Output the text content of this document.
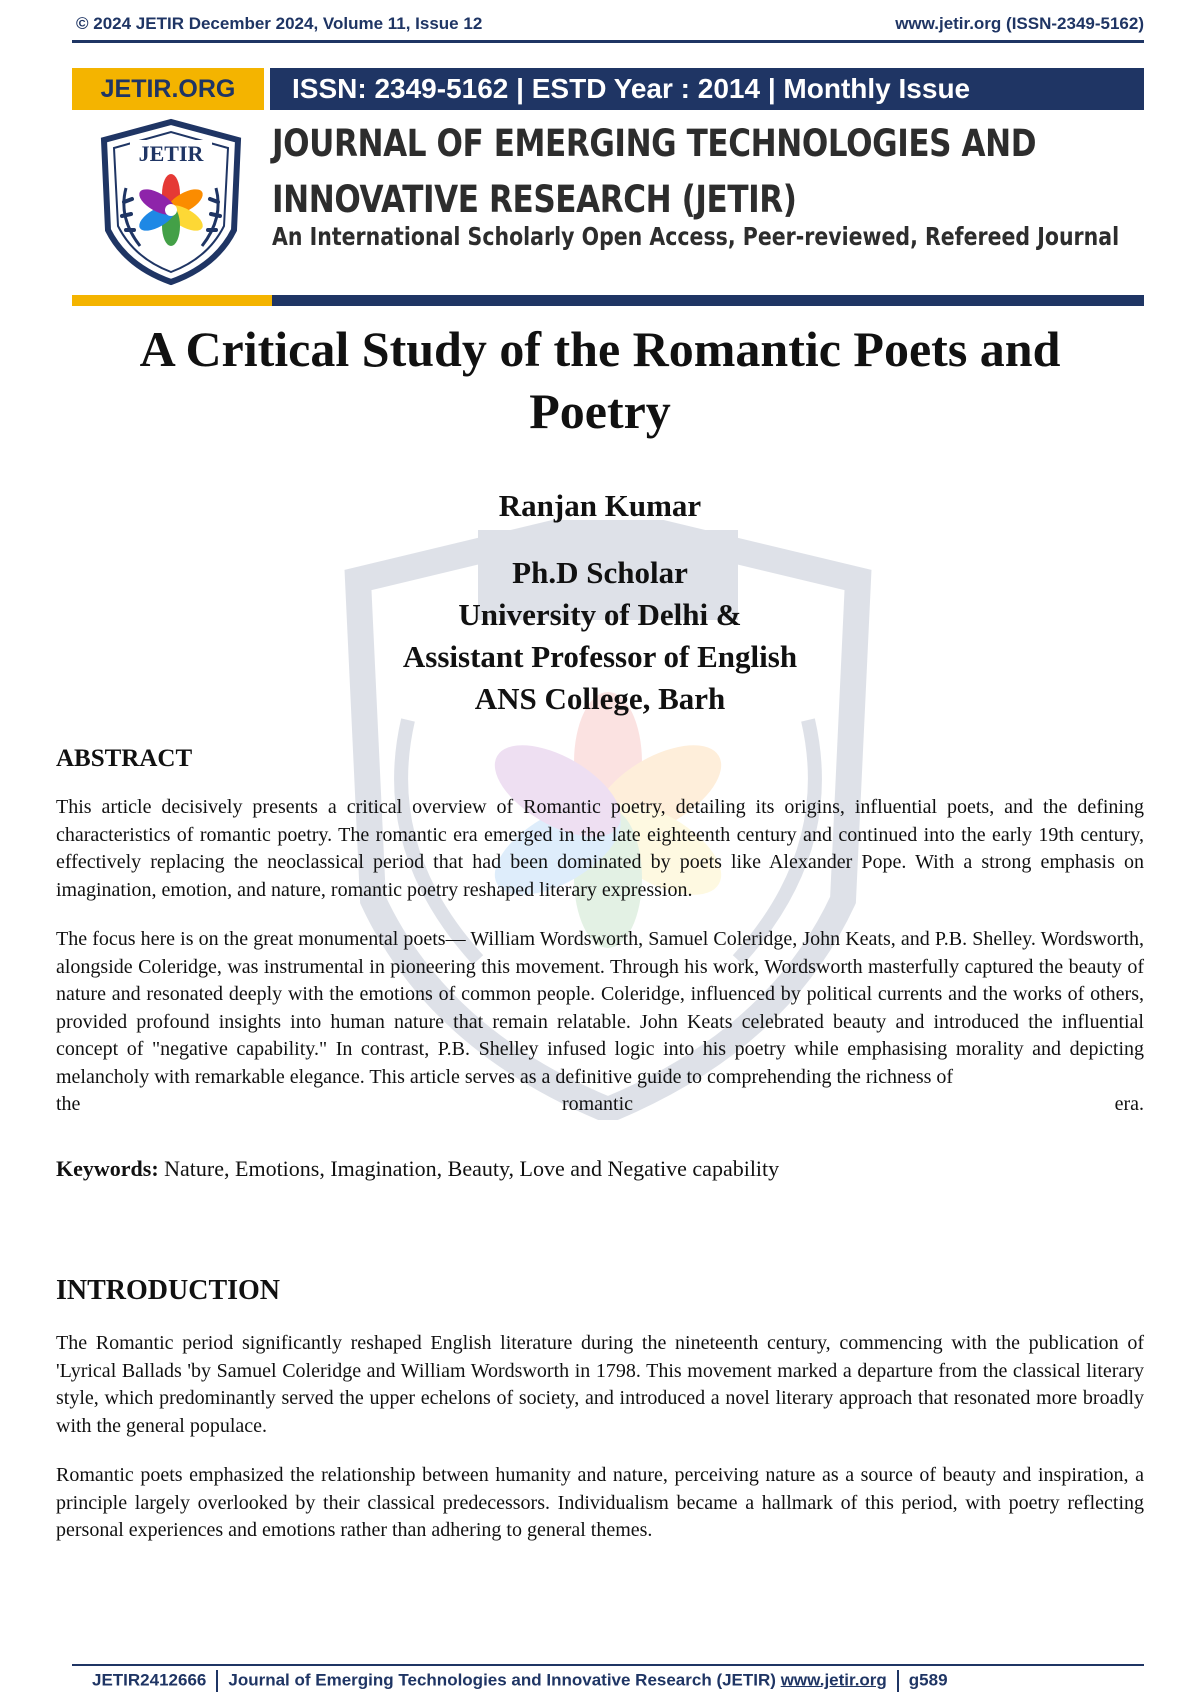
© 2024 JETIR December 2024, Volume 11, Issue 12	www.jetir.org (ISSN-2349-5162)
JETIR.ORG	ISSN: 2349-5162 | ESTD Year : 2014 | Monthly Issue
JETIR JOURNAL OF EMERGING TECHNOLOGIES AND
INNOVATIVE RESEARCH (JETIR)
An International Scholarly Open Access, Peer-reviewed, Refereed Journal
A Critical Study of the Romantic Poets and
Poetry
Ranjan Kumar
Ph.D Scholar
University of Delhi &
Assistant Professor of English
ANS College, Barh
ABSTRACT

This article decisively presents a critical overview of Romantic poetry, detailing its origins, influential poets, and the defining characteristics of romantic poetry. The romantic era emerged in the late eighteenth century and continued into the early 19th century, effectively replacing the neoclassical period that had been dominated by poets like Alexander Pope. With a strong emphasis on imagination, emotion, and nature, romantic poetry reshaped literary expression.

The focus here is on the great monumental poets— William Wordsworth, Samuel Coleridge, John Keats, and P.B. Shelley. Wordsworth, alongside Coleridge, was instrumental in pioneering this movement. Through his work, Wordsworth masterfully captured the beauty of nature and resonated deeply with the emotions of common people. Coleridge, influenced by political currents and the works of others, provided profound insights into human nature that remain relatable. John Keats celebrated beauty and introduced the influential concept of "negative capability." In contrast, P.B. Shelley infused logic into his poetry while emphasising morality and depicting melancholy with remarkable elegance. This article serves as a definitive guide to comprehending the richness of

the	romantic	era.
Keywords: Nature, Emotions, Imagination, Beauty, Love and Negative capability
INTRODUCTION

The Romantic period significantly reshaped English literature during the nineteenth century, commencing with the publication of 'Lyrical Ballads 'by Samuel Coleridge and William Wordsworth in 1798. This movement marked a departure from the classical literary style, which predominantly served the upper echelons of society, and introduced a novel literary approach that resonated more broadly with the general populace.

Romantic poets emphasized the relationship between humanity and nature, perceiving nature as a source of beauty and inspiration, a principle largely overlooked by their classical predecessors. Individualism became a hallmark of this period, with poetry reflecting personal experiences and emotions rather than adhering to general themes.

JETIR2412666 Journal of Emerging Technologies and Innovative Research (JETIR) www.jetir.org g589
